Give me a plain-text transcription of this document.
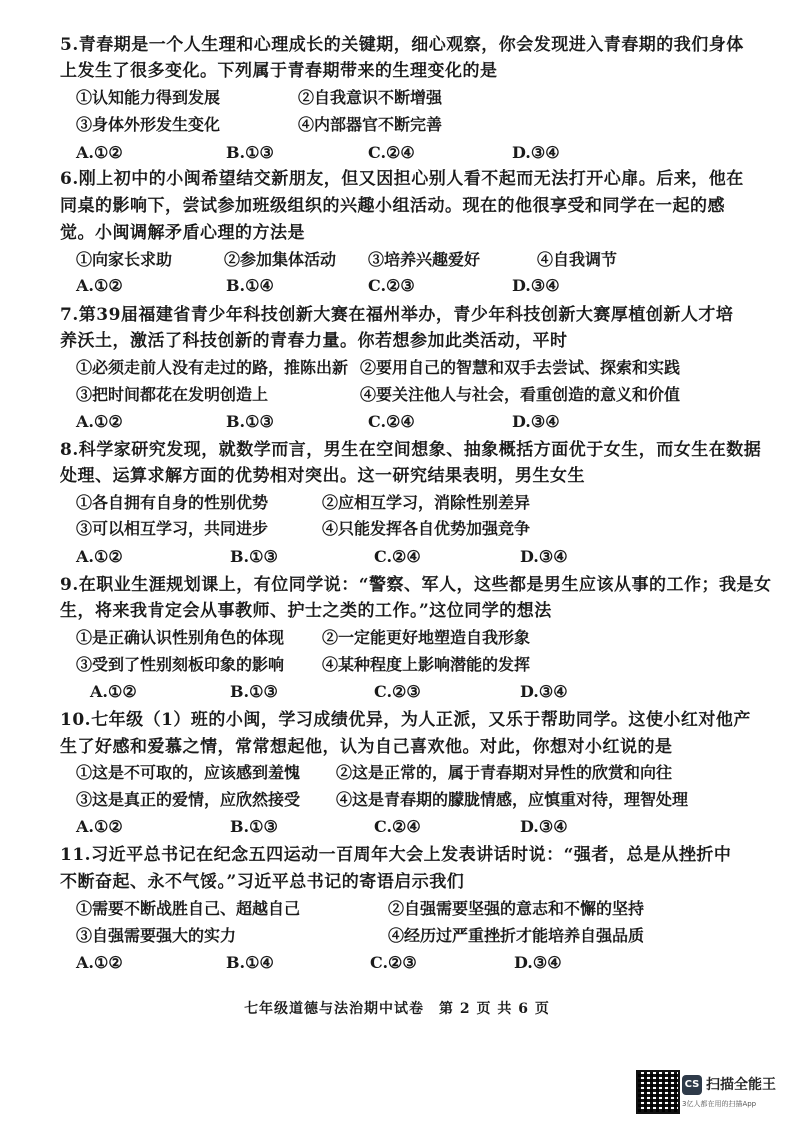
5.青春期是一个人生理和心理成长的关键期，细心观察，你会发现进入青春期的我们身体
上发生了很多变化。下列属于青春期带来的生理变化的是
①认知能力得到发展	②自我意识不断增强
③身体外形发生变化	④内部器官不断完善
A.①②	B.①③	C.②④	D.③④
6.刚上初中的小闽希望结交新朋友，但又因担心别人看不起而无法打开心扉。后来，他在
同桌的影响下，尝试参加班级组织的兴趣小组活动。现在的他很享受和同学在一起的感
觉。小闽调解矛盾心理的方法是
①向家长求助	②参加集体活动 ③培养兴趣爱好	④自我调节
A.①②	B.①④	C.②③	D.③④
7.第39届福建省青少年科技创新大赛在福州举办，青少年科技创新大赛厚植创新人才培
养沃土，激活了科技创新的青春力量。你若想参加此类活动，平时
①必须走前人没有走过的路，推陈出新 ②要用自己的智慧和双手去尝试、探索和实践
③把时间都花在发明创造上	④要关注他人与社会，看重创造的意义和价值
A.①②	B.①③	C.②④	D.③④
8.科学家研究发现，就数学而言，男生在空间想象、抽象概括方面优于女生，而女生在数据
处理、运算求解方面的优势相对突出。这一研究结果表明，男生女生
①各自拥有自身的性别优势	②应相互学习，消除性别差异
③可以相互学习，共同进步	④只能发挥各自优势加强竞争
A.①②	B.①③	C.②④	D.③④
9.在职业生涯规划课上，有位同学说：“警察、军人，这些都是男生应该从事的工作；我是女
生，将来我肯定会从事教师、护士之类的工作。”这位同学的想法
①是正确认识性别角色的体现 ②一定能更好地塑造自我形象
③受到了性别刻板印象的影响 ④某种程度上影响潜能的发挥
A.①②	B.①③	C.②③	D.③④
10.七年级（1）班的小闽，学习成绩优异，为人正派，又乐于帮助同学。这使小红对他产
生了好感和爱慕之情，常常想起他，认为自己喜欢他。对此，你想对小红说的是
①这是不可取的，应该感到羞愧 ②这是正常的，属于青春期对异性的欣赏和向往
③这是真正的爱情，应欣然接受 ④这是青春期的朦胧情感，应慎重对待，理智处理
A.①②	B.①③	C.②④	D.③④
11.习近平总书记在纪念五四运动一百周年大会上发表讲话时说：“强者，总是从挫折中
不断奋起、永不气馁。”习近平总书记的寄语启示我们
①需要不断战胜自己、超越自己	②自强需要坚强的意志和不懈的坚持
③自强需要强大的实力	④经历过严重挫折才能培养自强品质
A.①②	B.①④	C.②③	D.③④
七年级道德与法治期中试卷　第 2 页 共 6 页
CS 扫描全能王
3亿人都在用的扫描App
